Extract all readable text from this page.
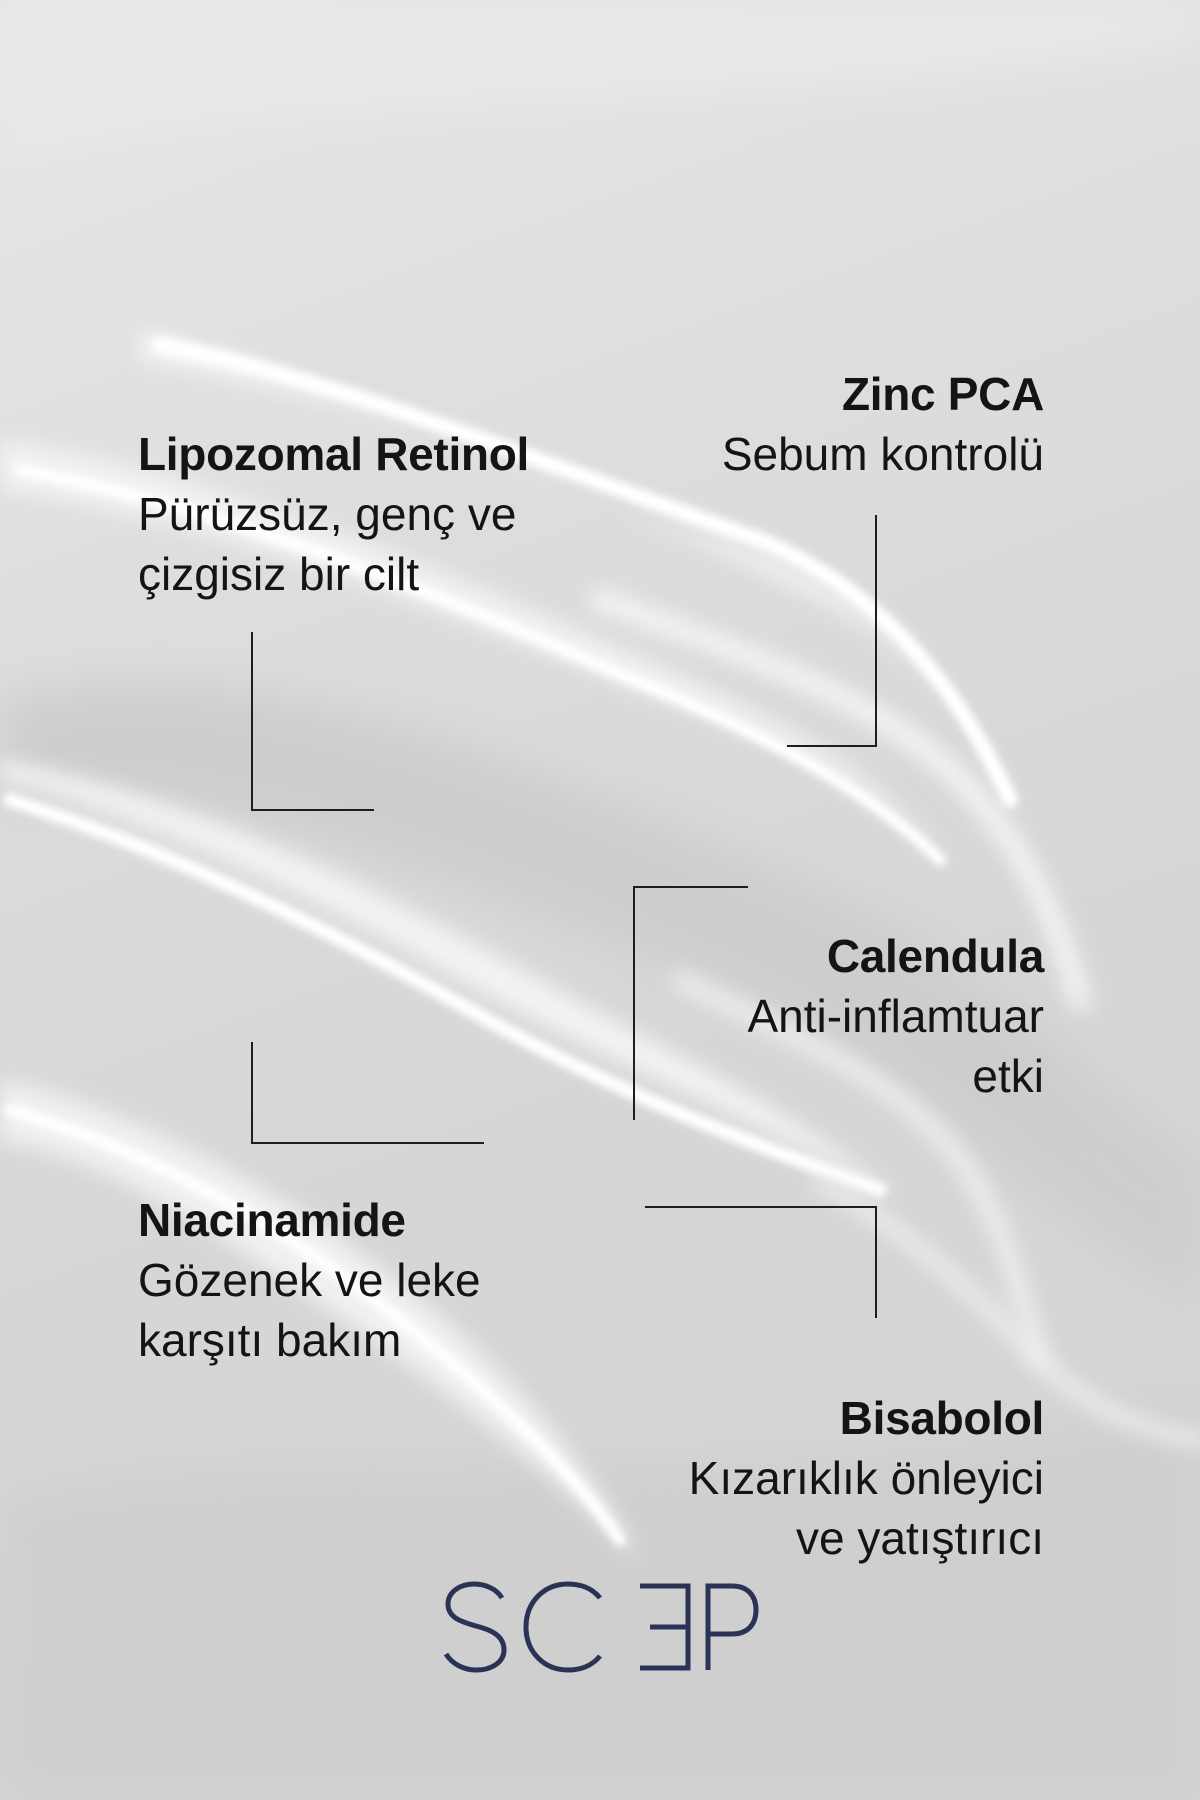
Lipozomal Retinol
Pürüzsüz, genç ve
çizgisiz bir cilt
Zinc PCA
Sebum kontrolü
Calendula
Anti-inflamtuar
etki
Niacinamide
Gözenek ve leke
karşıtı bakım
Bisabolol
Kızarıklık önleyici
ve yatıştırıcı
